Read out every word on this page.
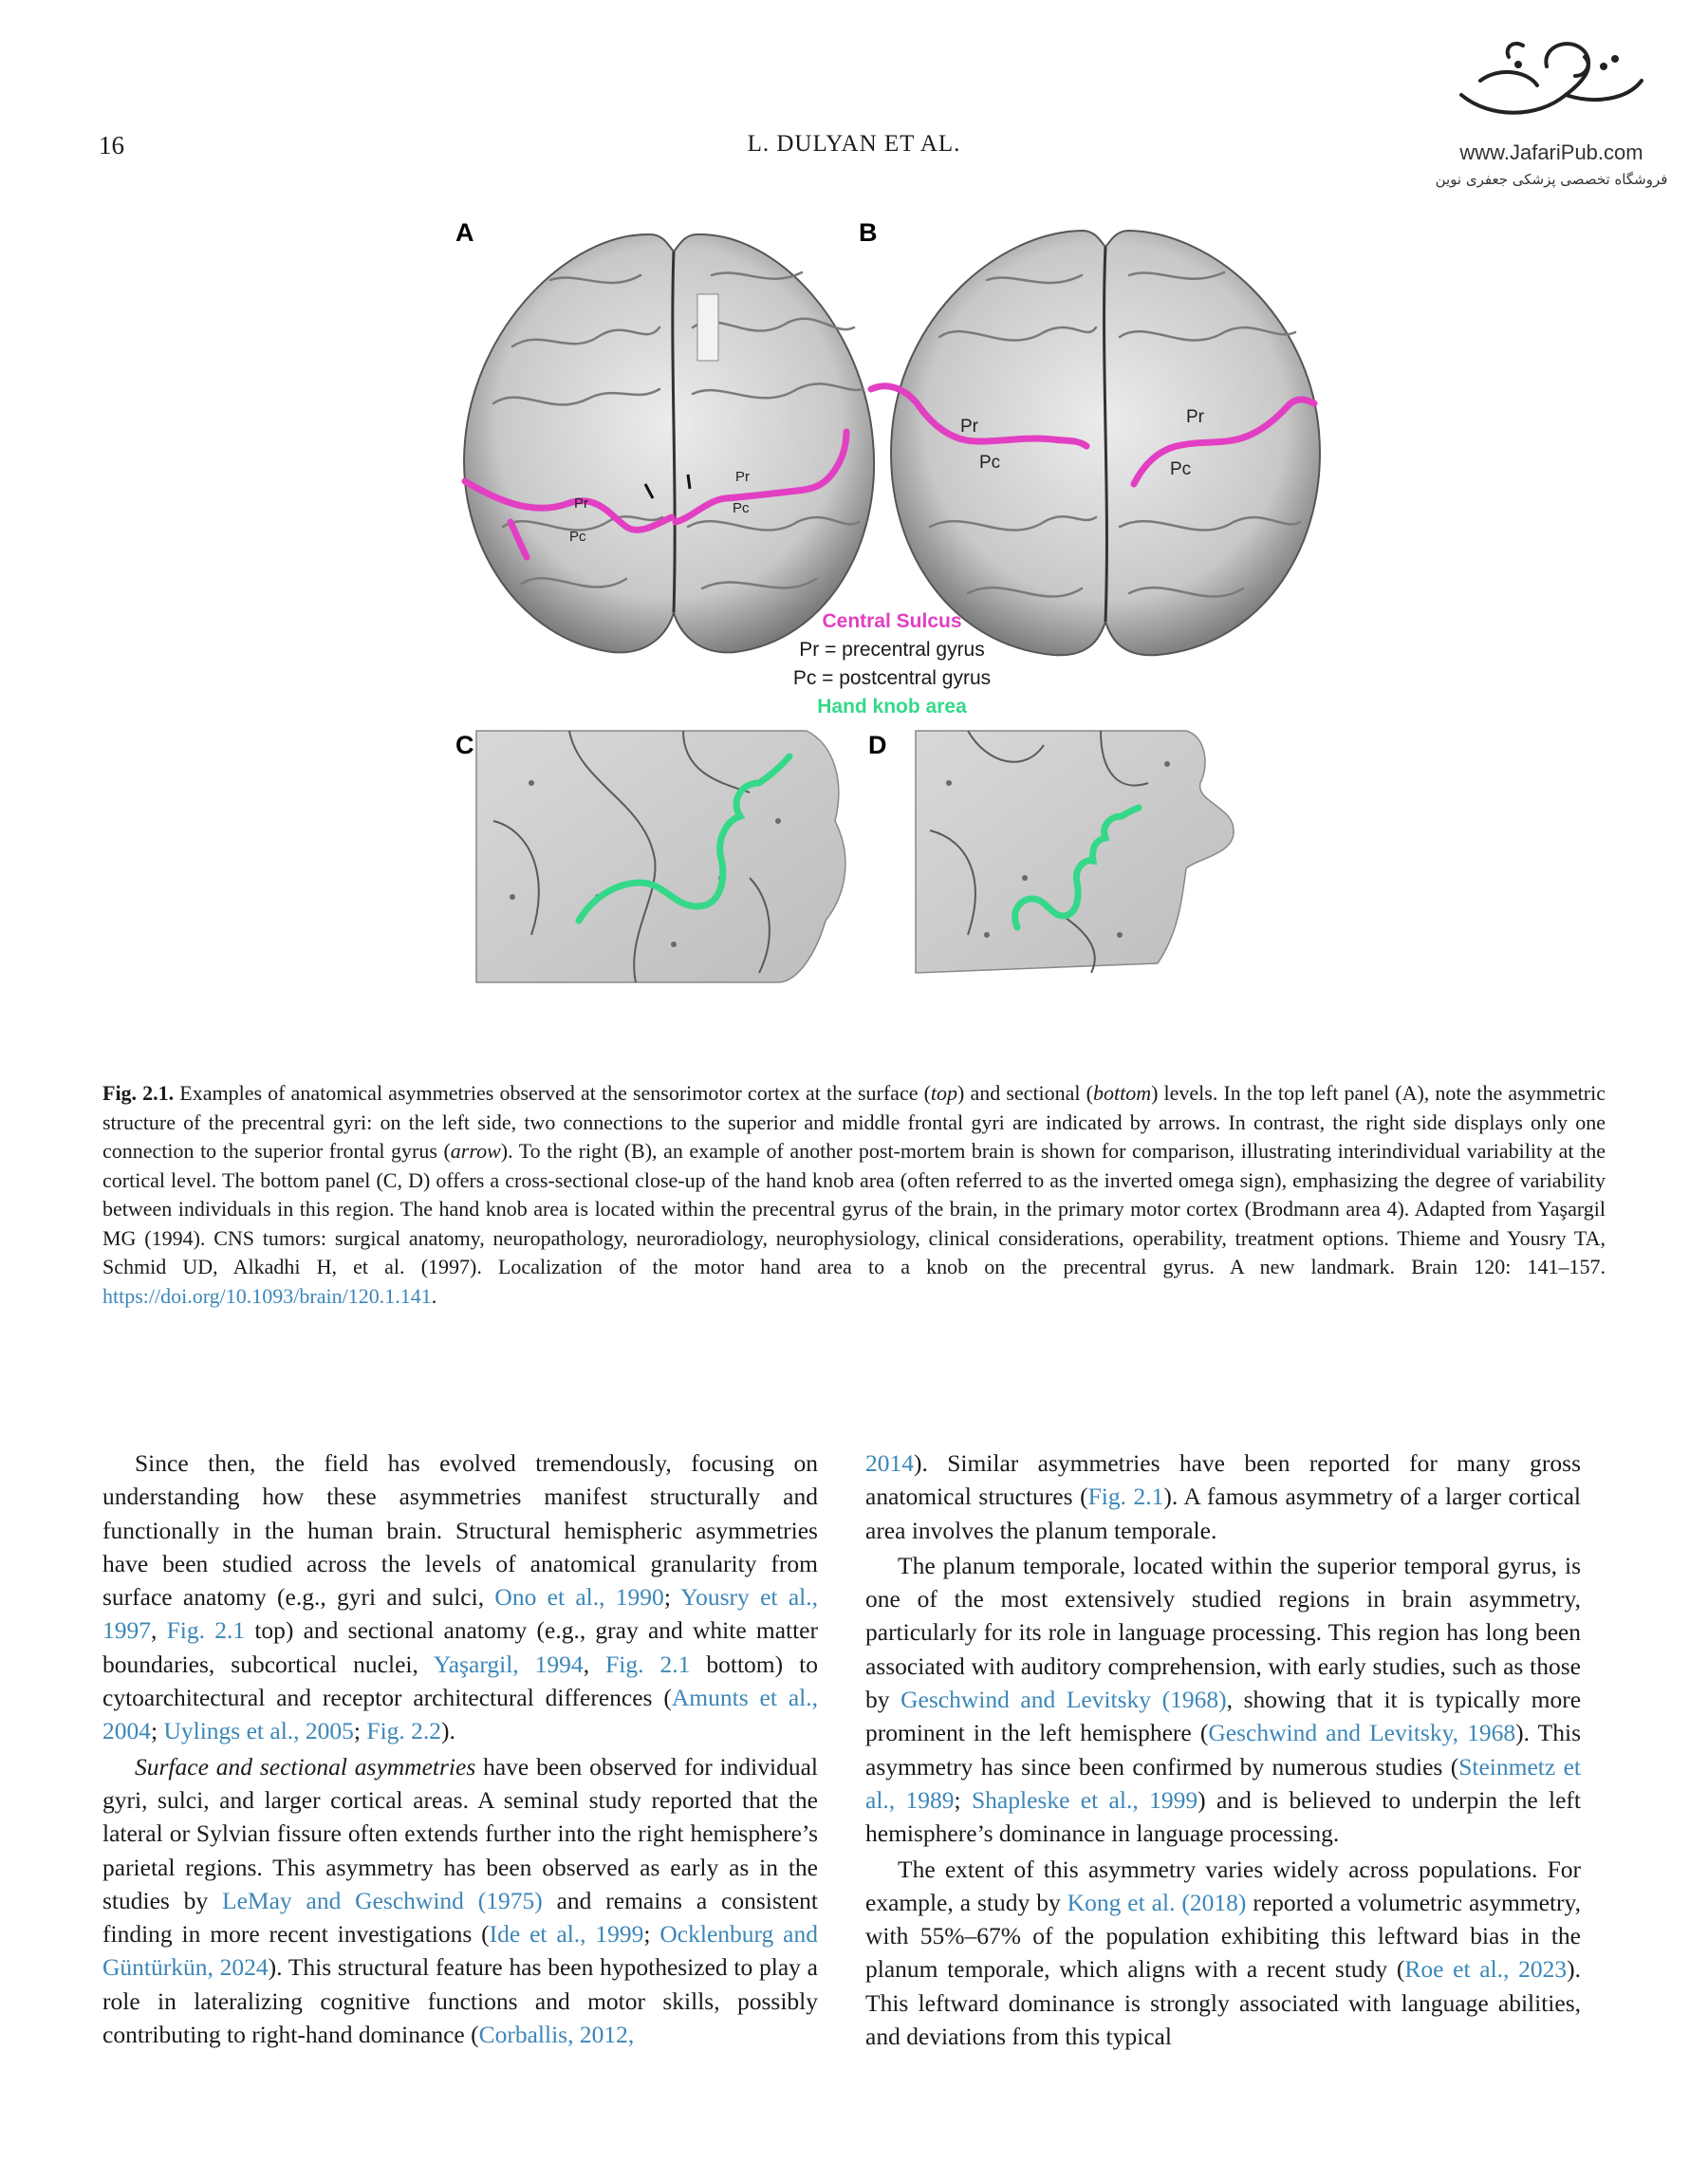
16	L. DULYAN ET AL.	www.JafariPub.com
فروشگاه تخصصی پزشکی جعفری نوین
Pr
Pc
Pr
Pc
Pr
Pc
Pr
Pc
A	B
C	D
Central Sulcus
Pr = precentral gyrus
Pc = postcentral gyrus
Hand knob area
Fig. 2.1. Examples of anatomical asymmetries observed at the sensorimotor cortex at the surface (top) and sectional (bottom) levels. In the top left panel (A), note the asymmetric structure of the precentral gyri: on the left side, two connections to the superior and middle frontal gyri are indicated by arrows. In contrast, the right side displays only one connection to the superior frontal gyrus (arrow). To the right (B), an example of another post-mortem brain is shown for comparison, illustrating interindividual variability at the cortical level. The bottom panel (C, D) offers a cross-sectional close-up of the hand knob area (often referred to as the inverted omega sign), emphasizing the degree of variability between individuals in this region. The hand knob area is located within the precentral gyrus of the brain, in the primary motor cortex (Brodmann area 4). Adapted from Yaşargil MG (1994). CNS tumors: surgical anatomy, neuropathology, neuroradiology, neurophysiology, clinical considerations, operability, treatment options. Thieme and Yousry TA, Schmid UD, Alkadhi H, et al. (1997). Localization of the motor hand area to a knob on the precentral gyrus. A new landmark. Brain 120: 141–157. https://doi.org/10.1093/brain/120.1.141.

Since then, the field has evolved tremendously, focusing on understanding how these asymmetries manifest structurally and functionally in the human brain. Structural hemispheric asymmetries have been studied across the levels of anatomical granularity from surface anatomy (e.g., gyri and sulci, Ono et al., 1990; Yousry et al., 1997, Fig. 2.1 top) and sectional anatomy (e.g., gray and white matter boundaries, subcortical nuclei, Yaşargil, 1994, Fig. 2.1 bottom) to cytoarchitectural and receptor architectural differences (Amunts et al., 2004; Uylings et al., 2005; Fig. 2.2).

Surface and sectional asymmetries have been observed for individual gyri, sulci, and larger cortical areas. A seminal study reported that the lateral or Sylvian fissure often extends further into the right hemisphere’s parietal regions. This asymmetry has been observed as early as in the studies by LeMay and Geschwind (1975) and remains a consistent finding in more recent investigations (Ide et al., 1999; Ocklenburg and Güntürkün, 2024). This structural feature has been hypothesized to play a role in lateralizing cognitive functions and motor skills, possibly contributing to right-hand dominance (Corballis, 2012,

2014). Similar asymmetries have been reported for many gross anatomical structures (Fig. 2.1). A famous asymmetry of a larger cortical area involves the planum temporale.

The planum temporale, located within the superior temporal gyrus, is one of the most extensively studied regions in brain asymmetry, particularly for its role in language processing. This region has long been associated with auditory comprehension, with early studies, such as those by Geschwind and Levitsky (1968), showing that it is typically more prominent in the left hemisphere (Geschwind and Levitsky, 1968). This asymmetry has since been confirmed by numerous studies (Steinmetz et al., 1989; Shapleske et al., 1999) and is believed to underpin the left hemisphere’s dominance in language processing.

The extent of this asymmetry varies widely across populations. For example, a study by Kong et al. (2018) reported a volumetric asymmetry, with 55%–67% of the population exhibiting this leftward bias in the planum temporale, which aligns with a recent study (Roe et al., 2023). This leftward dominance is strongly associated with language abilities, and deviations from this typical
